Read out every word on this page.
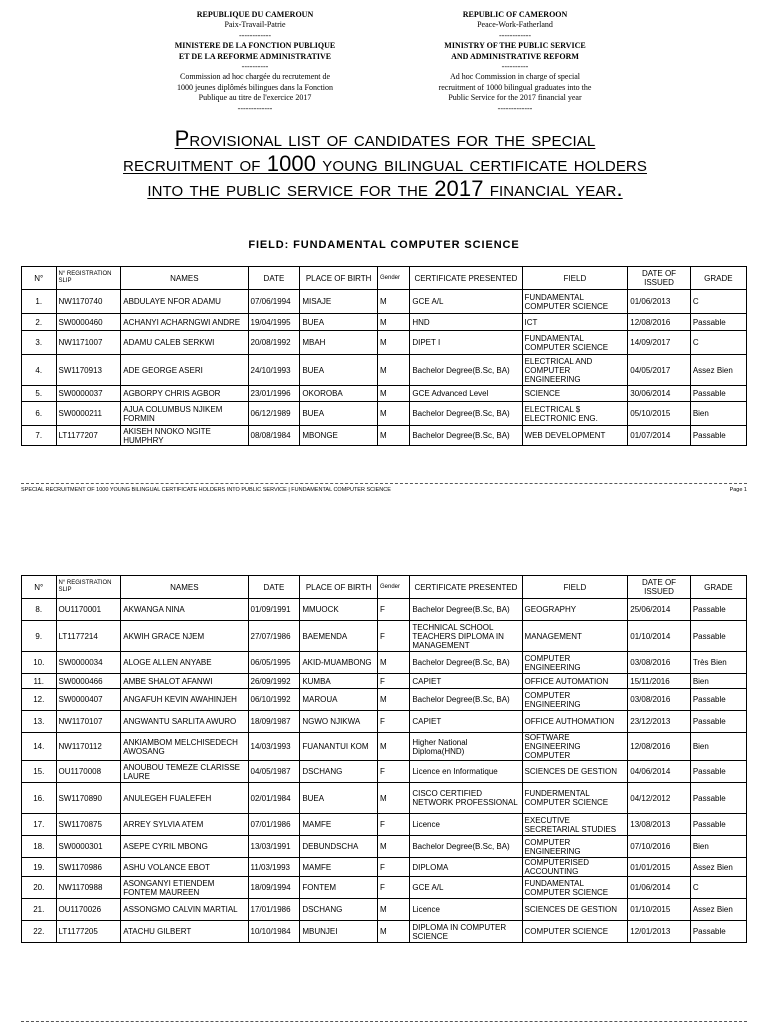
REPUBLIQUE DU CAMEROUN
Paix-Travail-Patrie
------------
MINISTERE DE LA FONCTION PUBLIQUE
ET DE LA REFORME ADMINISTRATIVE
----------
Commission ad hoc chargée du recrutement de
1000 jeunes diplômés bilingues dans la Fonction
Publique au titre de l'exercice 2017
-------------
REPUBLIC OF CAMEROON
Peace-Work-Fatherland
------------
MINISTRY OF THE PUBLIC SERVICE
AND ADMINISTRATIVE REFORM
----------
Ad hoc Commission in charge of special
recruitment of 1000 bilingual graduates into the
Public Service for the 2017 financial year
-------------
Provisional list of candidates for the special
recruitment of 1000 young bilingual certificate holders
into the public service for the 2017 financial year.
FIELD: FUNDAMENTAL COMPUTER SCIENCE
N°	N° REGISTRATION SLIP	NAMES	DATE	PLACE OF BIRTH	Gender	CERTIFICATE PRESENTED	FIELD	DATE OF ISSUED	GRADE
1.	NW1170740	ABDULAYE NFOR ADAMU	07/06/1994	MISAJE	M	GCE A/L	FUNDAMENTAL COMPUTER SCIENCE	01/06/2013	C
2.	SW0000460	ACHANYI ACHARNGWI ANDRE	19/04/1995	BUEA	M	HND	ICT	12/08/2016	Passable
3.	NW1171007	ADAMU CALEB SERKWI	20/08/1992	MBAH	M	DIPET I	FUNDAMENTAL COMPUTER SCIENCE	14/09/2017	C
4.	SW1170913	ADE GEORGE ASERI	24/10/1993	BUEA	M	Bachelor Degree(B.Sc, BA)	ELECTRICAL AND COMPUTER ENGINEERING	04/05/2017	Assez Bien
5.	SW0000037	AGBORPY CHRIS AGBOR	23/01/1996	OKOROBA	M	GCE Advanced Level	SCIENCE	30/06/2014	Passable
6.	SW0000211	AJUA COLUMBUS NJIKEM FORMIN	06/12/1989	BUEA	M	Bachelor Degree(B.Sc, BA)	ELECTRICAL $ ELECTRONIC ENG.	05/10/2015	Bien
7.	LT1177207	AKISEH NNOKO NGITE HUMPHRY	08/08/1984	MBONGE	M	Bachelor Degree(B.Sc, BA)	WEB DEVELOPMENT	01/07/2014	Passable
SPECIAL RECRUITMENT OF 1000 YOUNG BILINGUAL CERTIFICATE HOLDERS INTO PUBLIC SERVICE | FUNDAMENTAL COMPUTER SCIENCE	Page 1
N°	N° REGISTRATION SLIP	NAMES	DATE	PLACE OF BIRTH	Gender	CERTIFICATE PRESENTED	FIELD	DATE OF ISSUED	GRADE
8.	OU1170001	AKWANGA NINA	01/09/1991	MMUOCK	F	Bachelor Degree(B.Sc, BA)	GEOGRAPHY	25/06/2014	Passable
9.	LT1177214	AKWIH GRACE NJEM	27/07/1986	BAEMENDA	F	TECHNICAL SCHOOL TEACHERS DIPLOMA IN MANAGEMENT	MANAGEMENT	01/10/2014	Passable
10.	SW0000034	ALOGE ALLEN ANYABE	06/05/1995	AKID-MUAMBONG	M	Bachelor Degree(B.Sc, BA)	COMPUTER ENGINEERING	03/08/2016	Très Bien
11.	SW0000466	AMBE SHALOT AFANWI	26/09/1992	KUMBA	F	CAPIET	OFFICE AUTOMATION	15/11/2016	Bien
12.	SW0000407	ANGAFUH KEVIN AWAHINJEH	06/10/1992	MAROUA	M	Bachelor Degree(B.Sc, BA)	COMPUTER ENGINEERING	03/08/2016	Passable
13.	NW1170107	ANGWANTU SARLITA AWURO	18/09/1987	NGWO NJIKWA	F	CAPIET	OFFICE AUTHOMATION	23/12/2013	Passable
14.	NW1170112	ANKIAMBOM MELCHISEDECH AWOSANG	14/03/1993	FUANANTUI KOM	M	Higher National Diploma(HND)	SOFTWARE ENGINEERING COMPUTER	12/08/2016	Bien
15.	OU1170008	ANOUBOU TEMEZE CLARISSE LAURE	04/05/1987	DSCHANG	F	Licence en Informatique	SCIENCES DE GESTION	04/06/2014	Passable
16.	SW1170890	ANULEGEH FUALEFEH	02/01/1984	BUEA	M	CISCO CERTIFIED NETWORK PROFESSIONAL	FUNDERMENTAL COMPUTER SCIENCE	04/12/2012	Passable
17.	SW1170875	ARREY SYLVIA ATEM	07/01/1986	MAMFE	F	Licence	EXECUTIVE SECRETARIAL STUDIES	13/08/2013	Passable
18.	SW0000301	ASEPE CYRIL MBONG	13/03/1991	DEBUNDSCHA	M	Bachelor Degree(B.Sc, BA)	COMPUTER ENGINEERING	07/10/2016	Bien
19.	SW1170986	ASHU VOLANCE EBOT	11/03/1993	MAMFE	F	DIPLOMA	COMPUTERISED ACCOUNTING	01/01/2015	Assez Bien
20.	NW1170988	ASONGANYI ETIENDEM FONTEM MAUREEN	18/09/1994	FONTEM	F	GCE A/L	FUNDAMENTAL COMPUTER SCIENCE	01/06/2014	C
21.	OU1170026	ASSONGMO CALVIN MARTIAL	17/01/1986	DSCHANG	M	Licence	SCIENCES DE GESTION	01/10/2015	Assez Bien
22.	LT1177205	ATACHU GILBERT	10/10/1984	MBUNJEI	M	DIPLOMA IN COMPUTER SCIENCE	COMPUTER SCIENCE	12/01/2013	Passable
